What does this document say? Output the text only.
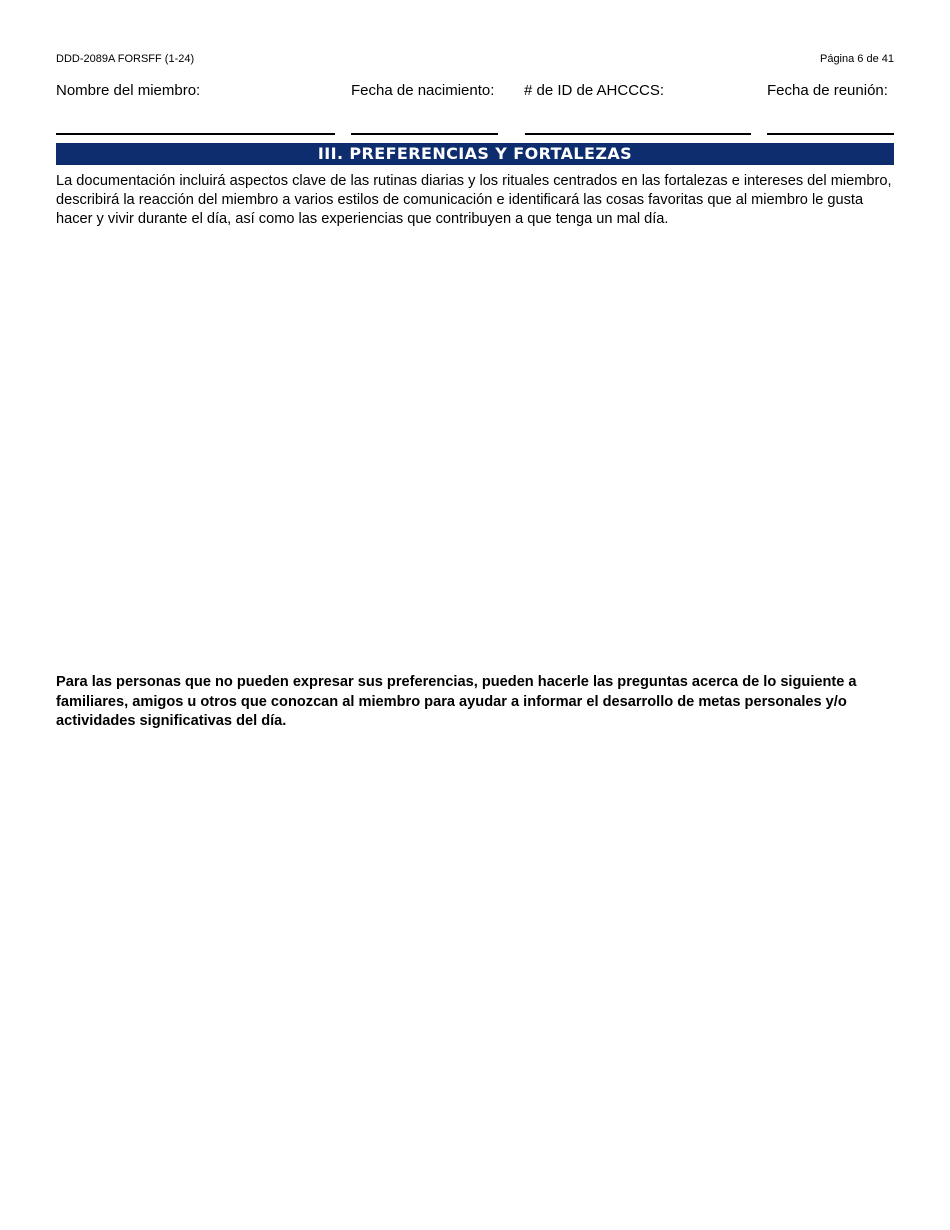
DDD-2089A FORSFF (1-24)	Página 6 de 41
Nombre del miembro:	Fecha de nacimiento: # de ID de AHCCCS:	Fecha de reunión:
III. PREFERENCIAS Y FORTALEZAS

La documentación incluirá aspectos clave de las rutinas diarias y los rituales centrados en las fortalezas e intereses del miembro, describirá la reacción del miembro a varios estilos de comunicación e identificará las cosas favoritas que al miembro le gusta hacer y vivir durante el día, así como las experiencias que contribuyen a que tenga un mal día.

Para las personas que no pueden expresar sus preferencias, pueden hacerle las preguntas acerca de lo siguiente a familiares, amigos u otros que conozcan al miembro para ayudar a informar el desarrollo de metas personales y/o actividades significativas del día.
